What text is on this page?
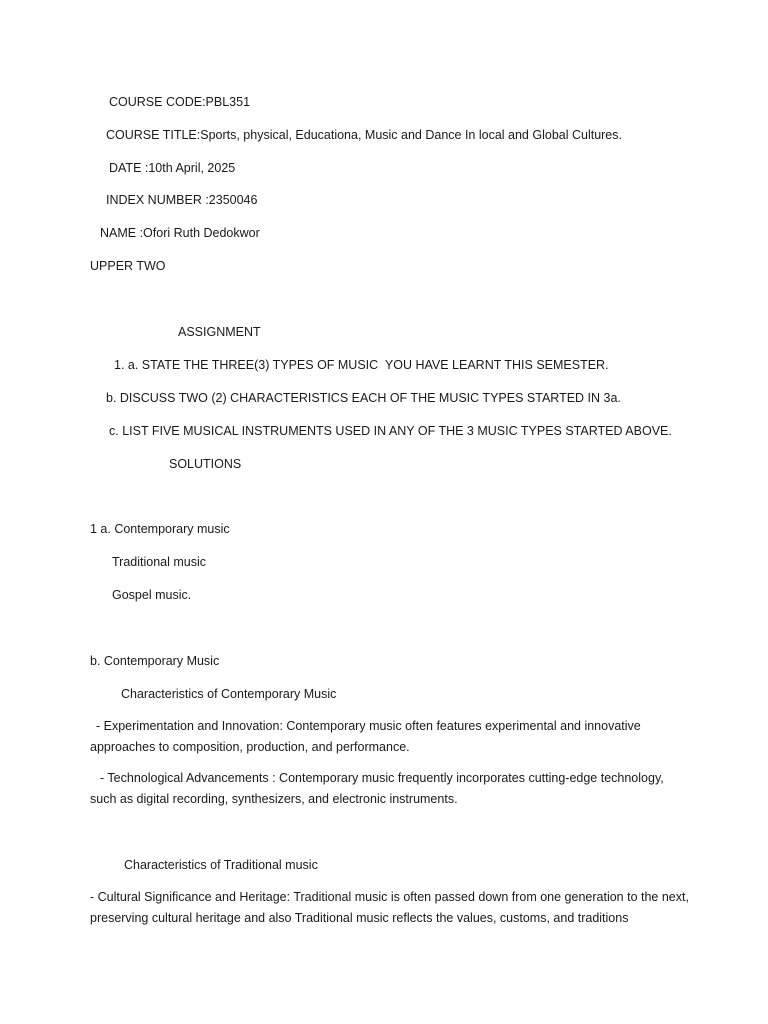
COURSE CODE:PBL351
COURSE TITLE:Sports, physical, Educationa, Music and Dance In local and Global Cultures.
DATE :10th April, 2025
INDEX NUMBER :2350046
NAME :Ofori Ruth Dedokwor
UPPER TWO
ASSIGNMENT
1. a. STATE THE THREE(3) TYPES OF MUSIC  YOU HAVE LEARNT THIS SEMESTER.
b. DISCUSS TWO (2) CHARACTERISTICS EACH OF THE MUSIC TYPES STARTED IN 3a.
c. LIST FIVE MUSICAL INSTRUMENTS USED IN ANY OF THE 3 MUSIC TYPES STARTED ABOVE.
SOLUTIONS
1 a. Contemporary music
Traditional music
Gospel music.
b. Contemporary Music
Characteristics of Contemporary Music
- Experimentation and Innovation: Contemporary music often features experimental and innovative approaches to composition, production, and performance.
- Technological Advancements : Contemporary music frequently incorporates cutting-edge technology, such as digital recording, synthesizers, and electronic instruments.
Characteristics of Traditional music
- Cultural Significance and Heritage: Traditional music is often passed down from one generation to the next, preserving cultural heritage and also Traditional music reflects the values, customs, and traditions
